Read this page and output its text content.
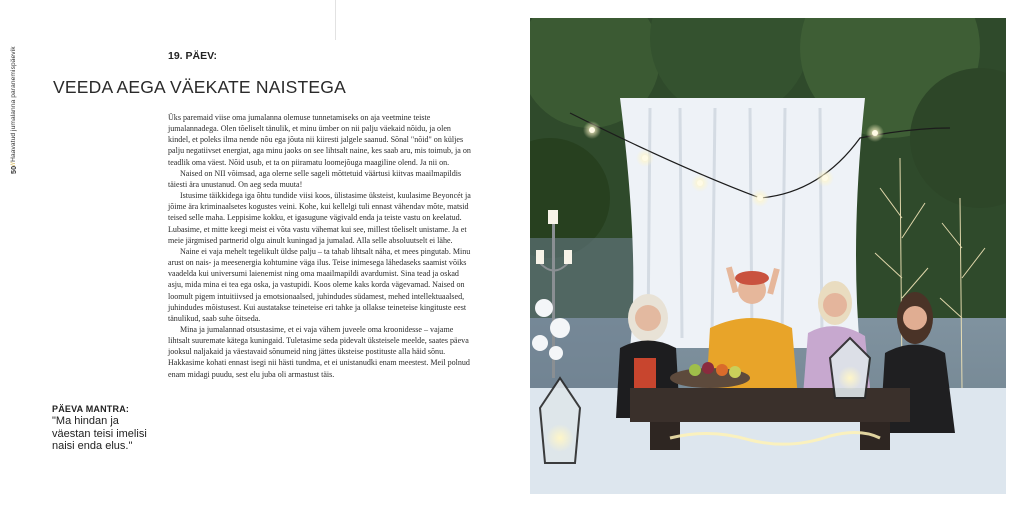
50//Haavatud jumalanna paranemispäevik	19. PÄEV:
VEEDA AEGA VÄEKATE NAISTEGA

Üks paremaid viise oma jumalanna olemuse tunnetamiseks on aja veetmine teiste jumalannadega. Olen tõeliselt tänulik, et minu ümber on nii palju väekaid nõidu, ja olen kindel, et poleks ilma nende nõu ega jõuta nii kiiresti jalgele saanud. Sõnal "nõid" on küljes palju negatiivset energiat, aga minu jaoks on see lihtsalt naine, kes saab aru, mis toimub, ja on teadlik oma väest. Nõid usub, et ta on piiramatu loomejõuga maagiline olend. Ja nii on.

Naised on NII võimsad, aga olerne selle sageli mõttetuid väärtusi kiitvas maailmapildis täiesti ära unustanud. On aeg seda muuta!

Istusime täikkidega iga õhtu tundide viisi koos, ülistasime üksteist, kuulasime Beyoncét ja jõime ära kriminaalsetes kogustes veini. Kohe, kui kellelgi tuli ennast vähendav mõte, matsid teised selle maha. Leppisime kokku, et igasugune vägivald enda ja teiste vastu on keelatud. Lubasime, et mitte keegi meist ei võta vastu vähemat kui see, millest tõeliselt unistame. Ja et meie järgmised partnerid olgu ainult kuningad ja jumalad. Alla selle absoluutselt ei lähe.

Naine ei vaja mehelt tegelikult üldse palju – ta tahab lihtsalt näha, et mees pingutab. Minu arust on nais- ja meesenergia kohtumine väga ilus. Teise inimesega lähedaseks saamist võiks vaadelda kui universumi laienemist ning oma maailmapildi avardumist. Sina tead ja oskad asju, mida mina ei tea ega oska, ja vastupidi. Koos oleme kaks korda vägevamad. Naised on loomult pigem intuitiivsed ja emotsionaalsed, juhindudes südamest, mehed intellektuaalsed, juhindudes mõistusest. Kui austatakse teineteise eri tahke ja ollakse teineteise kingituste eest tänulikud, saab suhe õitseda.

Mina ja jumalannad otsustasime, et ei vaja vähem juveele oma kroonidesse – vajame lihtsalt suuremate kätega kuningaid. Tuletasime seda pidevalt üksteisele meelde, saates päeva jooksul naljakaid ja väestavaid sõnumeid ning jättes üksteise postituste alla häid sõnu. Hakkasime kohati ennast isegi nii hästi tundma, et ei unistanudki enam meestest. Meil polnud enam midagi puudu, sest elu juba oli armastust täis.

PÄEVA MANTRA:
"Ma hindan ja väestan teisi imelisi naisi enda elus."
